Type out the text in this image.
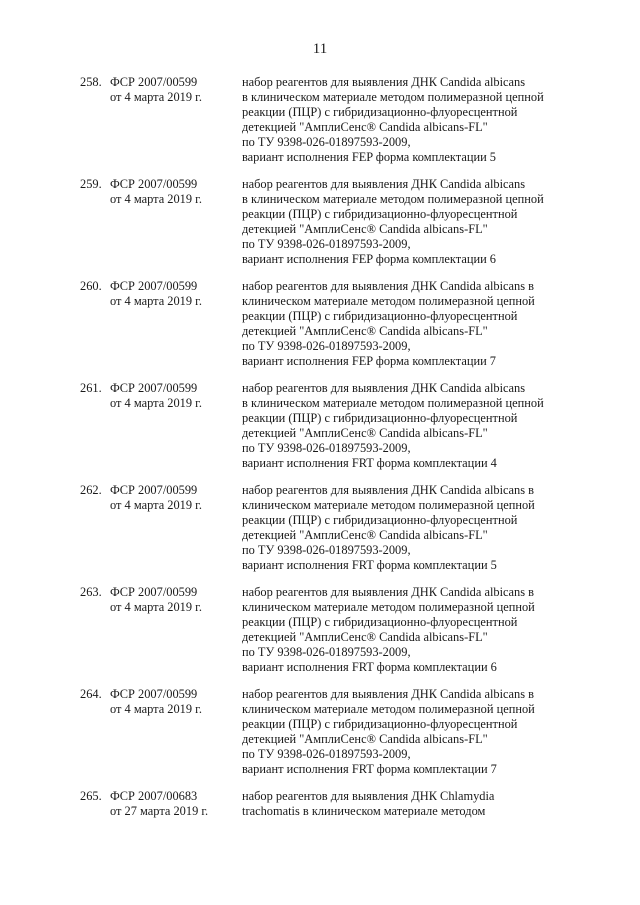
11
258. ФСР 2007/00599
от 4 марта 2019 г.
набор реагентов для выявления ДНК Candida albicans
в клиническом материале методом полимеразной цепной
реакции (ПЦР) с гибридизационно-флуоресцентной
детекцией "АмплиСенс® Candida albicans-FL"
по ТУ 9398-026-01897593-2009,
вариант исполнения FEP форма комплектации 5
259. ФСР 2007/00599
от 4 марта 2019 г.
набор реагентов для выявления ДНК Candida albicans
в клиническом материале методом полимеразной цепной
реакции (ПЦР) с гибридизационно-флуоресцентной
детекцией "АмплиСенс® Candida albicans-FL"
по ТУ 9398-026-01897593-2009,
вариант исполнения FEP форма комплектации 6
260. ФСР 2007/00599
от 4 марта 2019 г.
набор реагентов для выявления ДНК Candida albicans в
клиническом материале методом полимеразной цепной
реакции (ПЦР) с гибридизационно-флуоресцентной
детекцией "АмплиСенс® Candida albicans-FL"
по ТУ 9398-026-01897593-2009,
вариант исполнения FEP форма комплектации 7
261. ФСР 2007/00599
от 4 марта 2019 г.
набор реагентов для выявления ДНК Candida albicans
в клиническом материале методом полимеразной цепной
реакции (ПЦР) с гибридизационно-флуоресцентной
детекцией "АмплиСенс® Candida albicans-FL"
по ТУ 9398-026-01897593-2009,
вариант исполнения FRT форма комплектации 4
262. ФСР 2007/00599
от 4 марта 2019 г.
набор реагентов для выявления ДНК Candida albicans в
клиническом материале методом полимеразной цепной
реакции (ПЦР) с гибридизационно-флуоресцентной
детекцией "АмплиСенс® Candida albicans-FL"
по ТУ 9398-026-01897593-2009,
вариант исполнения FRT форма комплектации 5
263. ФСР 2007/00599
от 4 марта 2019 г.
набор реагентов для выявления ДНК Candida albicans в
клиническом материале методом полимеразной цепной
реакции (ПЦР) с гибридизационно-флуоресцентной
детекцией "АмплиСенс® Candida albicans-FL"
по ТУ 9398-026-01897593-2009,
вариант исполнения FRT форма комплектации 6
264. ФСР 2007/00599
от 4 марта 2019 г.
набор реагентов для выявления ДНК Candida albicans в
клиническом материале методом полимеразной цепной
реакции (ПЦР) с гибридизационно-флуоресцентной
детекцией "АмплиСенс® Candida albicans-FL"
по ТУ 9398-026-01897593-2009,
вариант исполнения FRT форма комплектации 7
265. ФСР 2007/00683
от 27 марта 2019 г.
набор реагентов для выявления ДНК Chlamydia
trachomatis в клиническом материале методом
